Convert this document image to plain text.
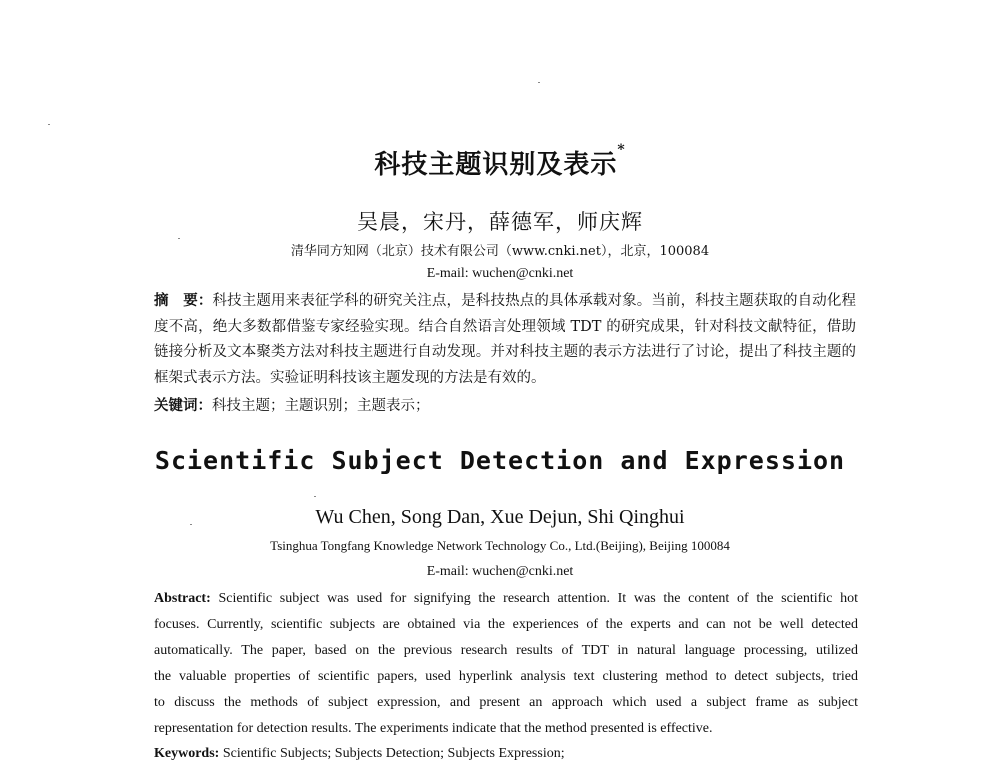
科技主题识别及表示*
吴晨，宋丹，薛德军，师庆辉
清华同方知网（北京）技术有限公司（www.cnki.net），北京，100084
E-mail: wuchen@cnki.net

摘　要：科技主题用来表征学科的研究关注点，是科技热点的具体承载对象。当前，科技主题获取的自动化程度不高，绝大多数都借鉴专家经验实现。结合自然语言处理领域 TDT 的研究成果，针对科技文献特征，借助链接分析及文本聚类方法对科技主题进行自动发现。并对科技主题的表示方法进行了讨论，提出了科技主题的框架式表示方法。实验证明科技该主题发现的方法是有效的。

关键词：科技主题；主题识别；主题表示；

Scientific Subject Detection and Expression
Wu Chen, Song Dan, Xue Dejun, Shi Qinghui
Tsinghua Tongfang Knowledge Network Technology Co., Ltd.(Beijing), Beijing 100084
E-mail: wuchen@cnki.net
Abstract: Scientific subject was used for signifying the research attention. It was the content of the scientific hot
focuses. Currently, scientific subjects are obtained via the experiences of the experts and can not be well detected
automatically. The paper, based on the previous research results of TDT in natural language processing, utilized
the valuable properties of scientific papers, used hyperlink analysis text clustering method to detect subjects, tried
to discuss the methods of subject expression, and present an approach which used a subject frame as subject
representation for detection results. The experiments indicate that the method presented is effective.
Keywords: Scientific Subjects; Subjects Detection; Subjects Expression;
